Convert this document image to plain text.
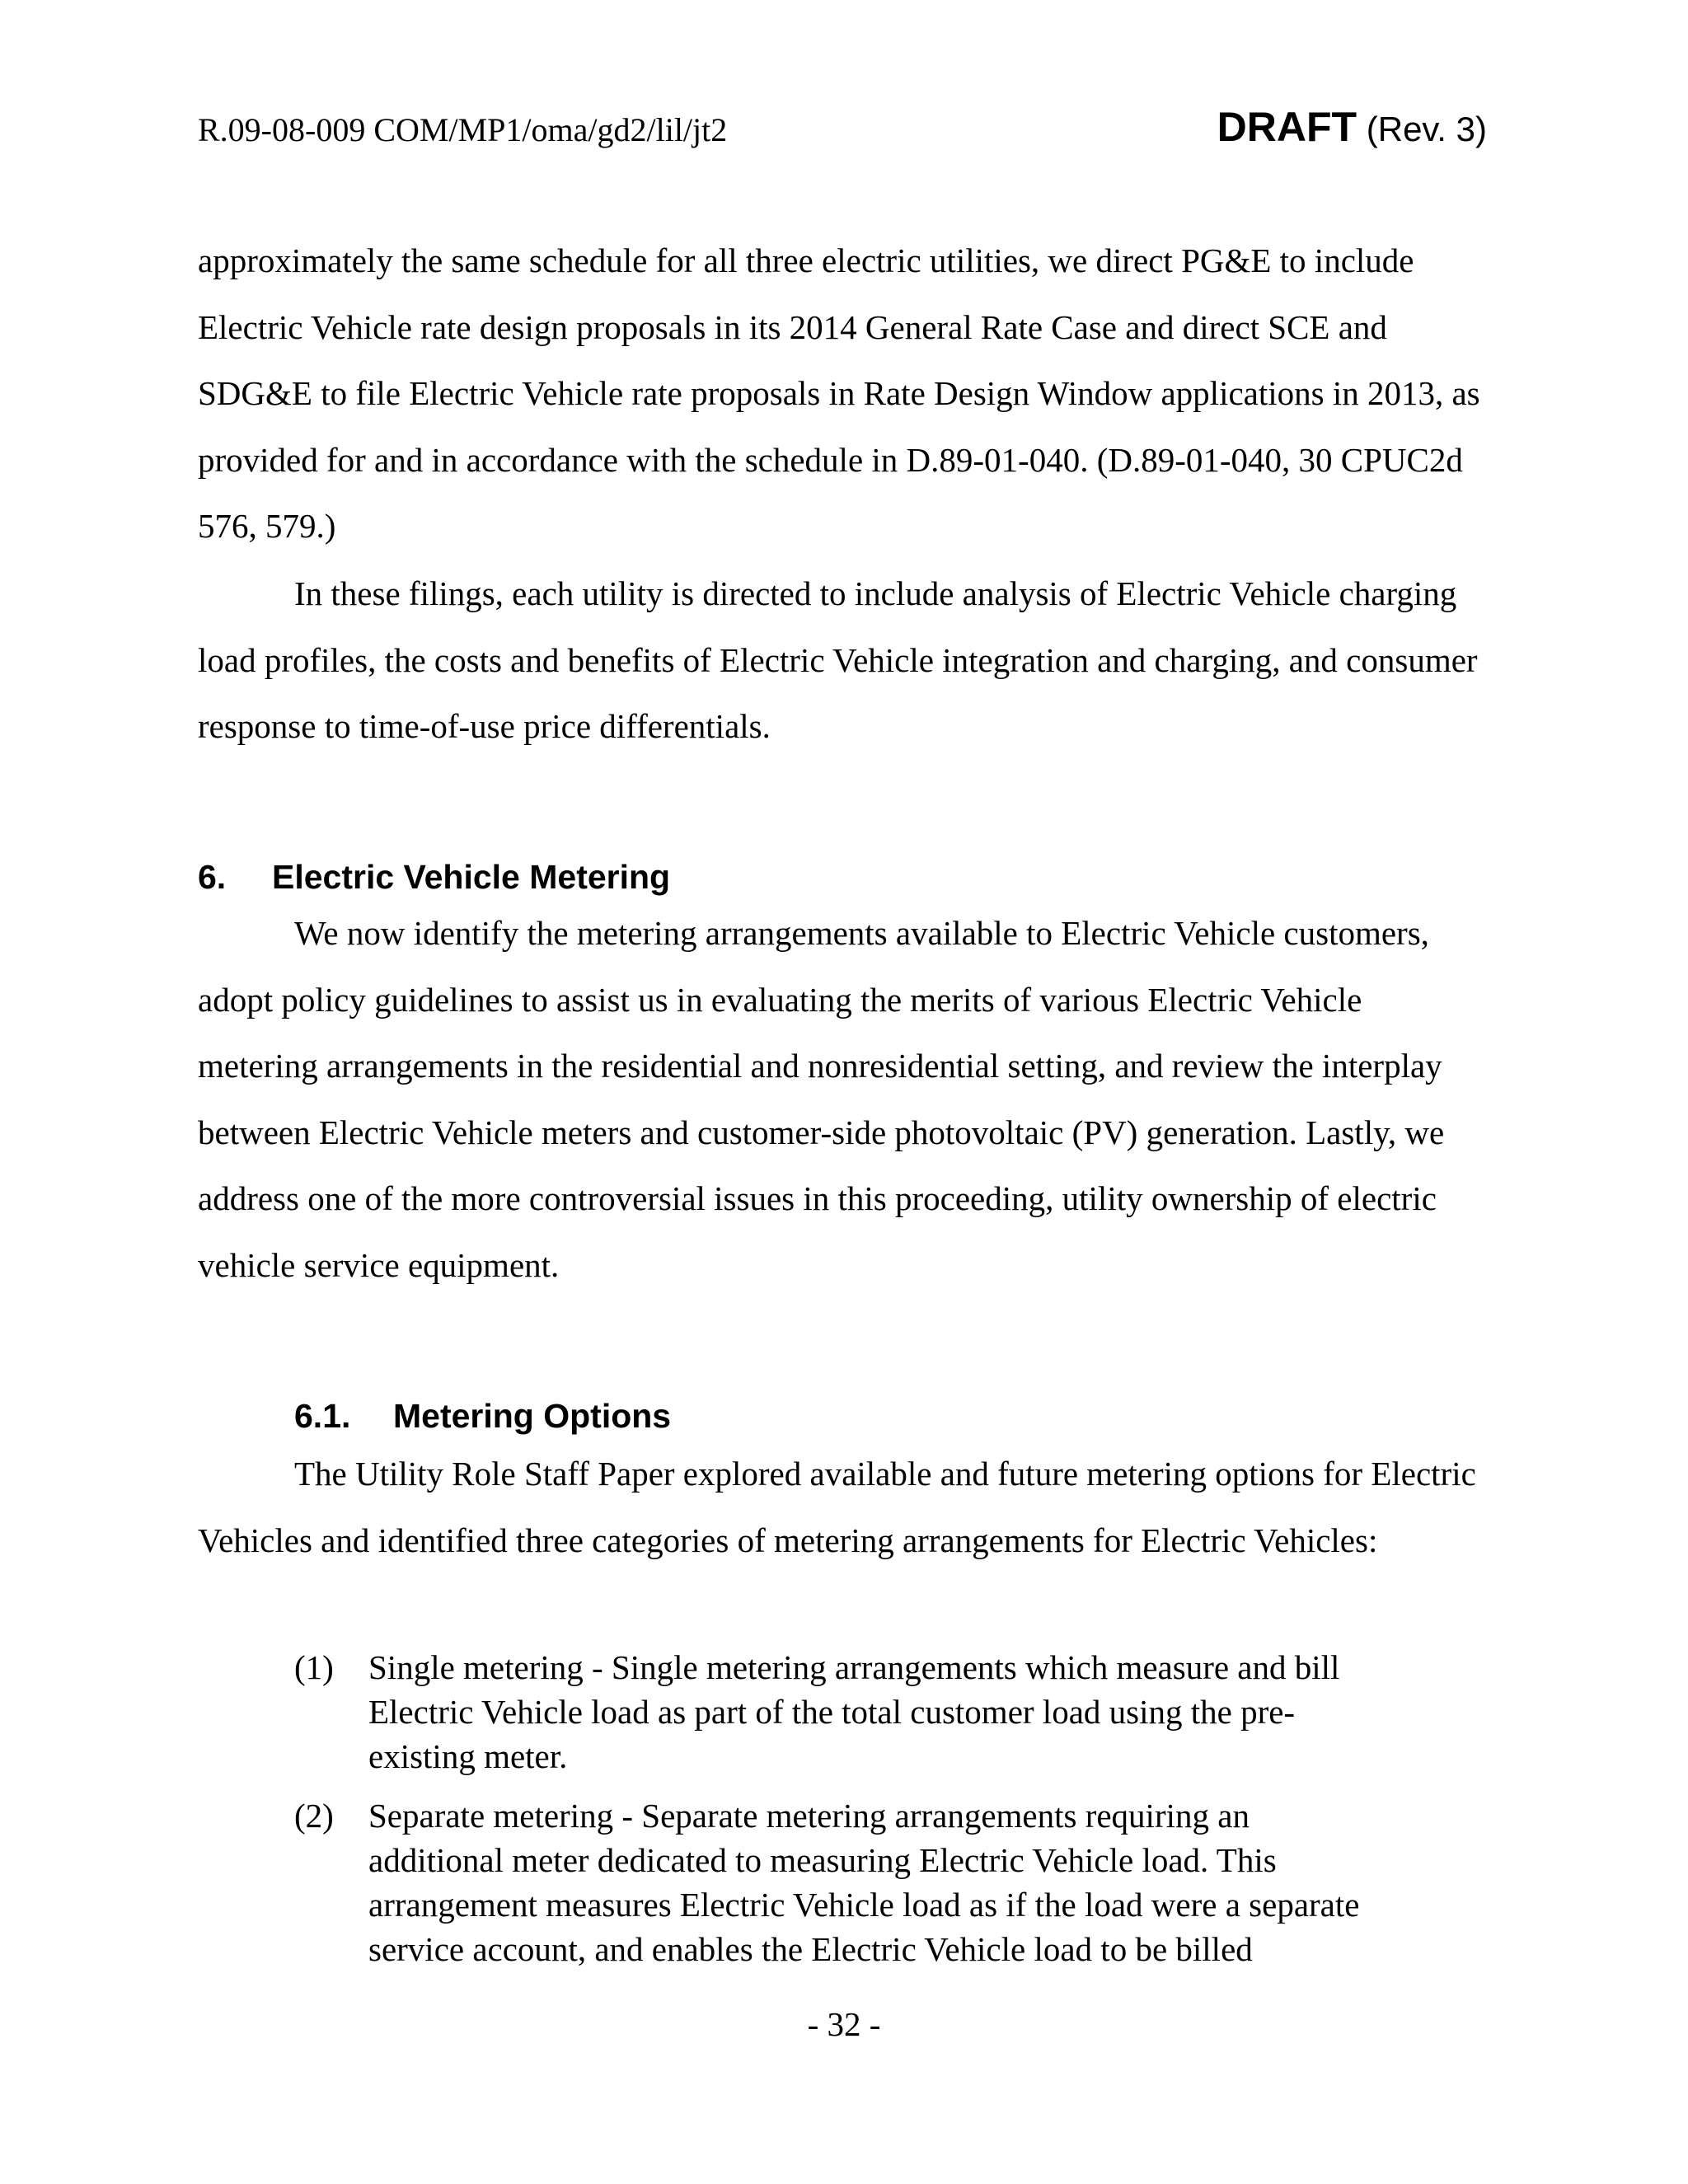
R.09-08-009 COM/MP1/oma/gd2/lil/jt2	DRAFT (Rev. 3)

approximately the same schedule for all three electric utilities, we direct PG&E to include Electric Vehicle rate design proposals in its 2014 General Rate Case and direct SCE and SDG&E to file Electric Vehicle rate proposals in Rate Design Window applications in 2013, as provided for and in accordance with the schedule in D.89-01-040. (D.89-01-040, 30 CPUC2d 576, 579.)

In these filings, each utility is directed to include analysis of Electric Vehicle charging load profiles, the costs and benefits of Electric Vehicle integration and charging, and consumer response to time-of-use price differentials.

6. Electric Vehicle Metering

We now identify the metering arrangements available to Electric Vehicle customers, adopt policy guidelines to assist us in evaluating the merits of various Electric Vehicle metering arrangements in the residential and nonresidential setting, and review the interplay between Electric Vehicle meters and customer-side photovoltaic (PV) generation. Lastly, we address one of the more controversial issues in this proceeding, utility ownership of electric vehicle service equipment.

6.1. Metering Options

The Utility Role Staff Paper explored available and future metering options for Electric Vehicles and identified three categories of metering arrangements for Electric Vehicles:

(1) Single metering - Single metering arrangements which measure and bill Electric Vehicle load as part of the total customer load using the pre-existing meter.
(2) Separate metering - Separate metering arrangements requiring an additional meter dedicated to measuring Electric Vehicle load. This arrangement measures Electric Vehicle load as if the load were a separate service account, and enables the Electric Vehicle load to be billed
- 32 -
